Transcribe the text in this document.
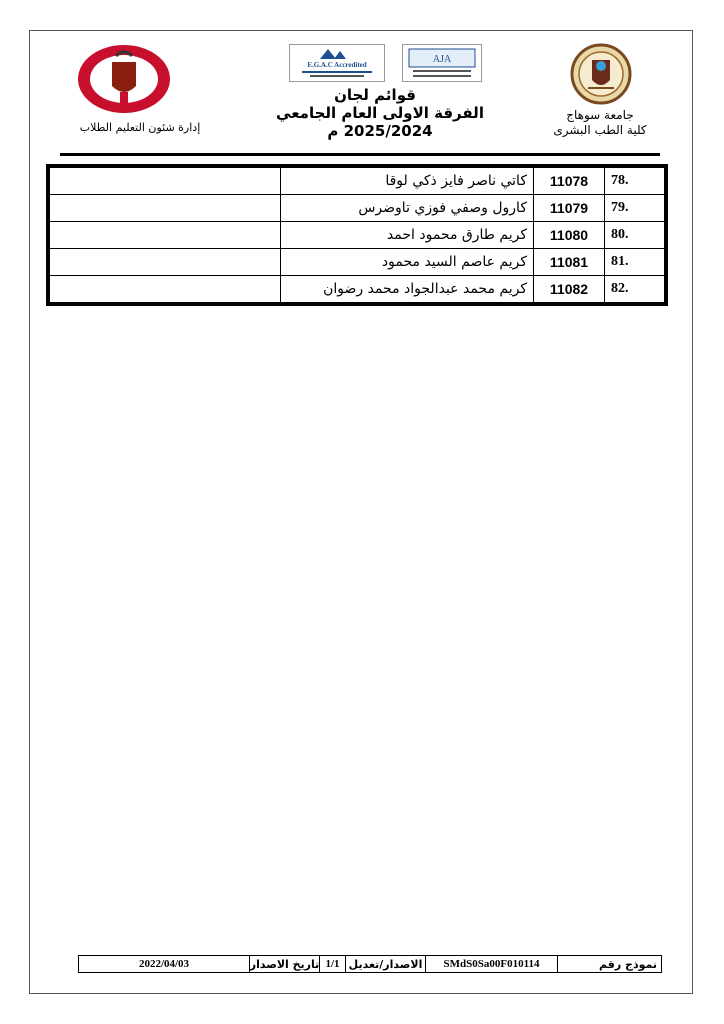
جامعة سوهاج
كلية الطب البشرى
إدارة شئون التعليم الطلاب
E.G.A.C Accredited	AJA
قوائم لجان
الفرقة الاولى العام الجامعي 2025/2024 م
.78	11078	كاتي ناصر فايز ذكي لوقا	
.79	11079	كارول وصفي فوزي تاوضرس	
.80	11080	كريم طارق محمود احمد	
.81	11081	كريم عاصم السيد محمود	
.82	11082	كريم محمد عبدالجواد محمد رضوان	
نموذج رقم
SMdS0Sa00F010114
الاصدار/تعديل
1/1
تاريخ الاصدار
2022/04/03
